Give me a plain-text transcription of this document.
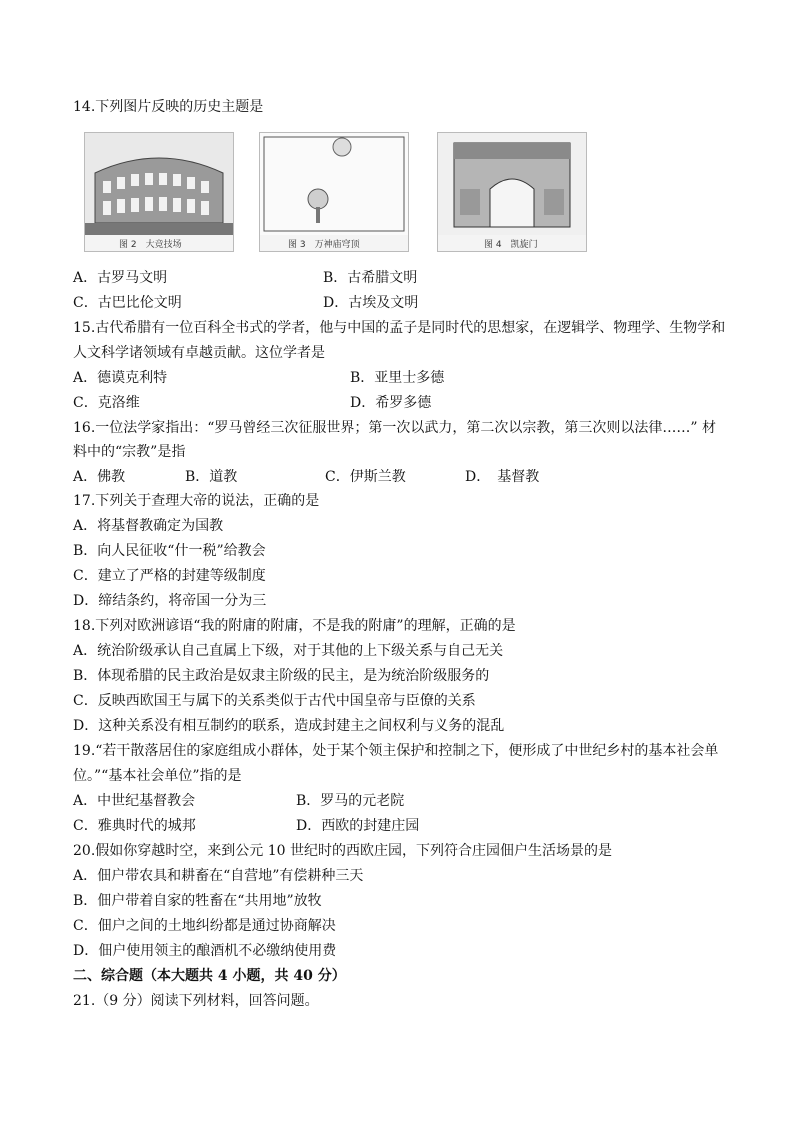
14.下列图片反映的历史主题是
图 2　大竞技场	图 3　万神庙穹顶	图 4　凯旋门
A．古罗马文明	B．古希腊文明
C．古巴比伦文明	D．古埃及文明
15.古代希腊有一位百科全书式的学者，他与中国的孟子是同时代的思想家，在逻辑学、物理学、生物学和
人文科学诸领域有卓越贡献。这位学者是
A．德谟克利特	B．亚里士多德
C．克洛维	D．希罗多德
16.一位法学家指出：“罗马曾经三次征服世界；第一次以武力，第二次以宗教，第三次则以法律……” 材
料中的“宗教”是指
A．佛教	B．道教	C．伊斯兰教	D．　基督教
17.下列关于查理大帝的说法，正确的是
A．将基督教确定为国教
B．向人民征收“什一税”给教会
C．建立了严格的封建等级制度
D．缔结条约，将帝国一分为三
18.下列对欧洲谚语“我的附庸的附庸，不是我的附庸”的理解，正确的是
A．统治阶级承认自己直属上下级，对于其他的上下级关系与自己无关
B．体现希腊的民主政治是奴隶主阶级的民主，是为统治阶级服务的
C．反映西欧国王与属下的关系类似于古代中国皇帝与臣僚的关系
D．这种关系没有相互制约的联系，造成封建主之间权利与义务的混乱
19.“若干散落居住的家庭组成小群体，处于某个领主保护和控制之下，便形成了中世纪乡村的基本社会单
位。”“基本社会单位”指的是
A．中世纪基督教会	B．罗马的元老院
C．雅典时代的城邦	D．西欧的封建庄园
20.假如你穿越时空，来到公元 10 世纪时的西欧庄园，下列符合庄园佃户生活场景的是
A．佃户带农具和耕畜在“自营地”有偿耕种三天
B．佃户带着自家的牲畜在“共用地”放牧
C．佃户之间的土地纠纷都是通过协商解决
D．佃户使用领主的酿酒机不必缴纳使用费
二、综合题（本大题共 4 小题，共 40 分）
21.（9 分）阅读下列材料，回答问题。
